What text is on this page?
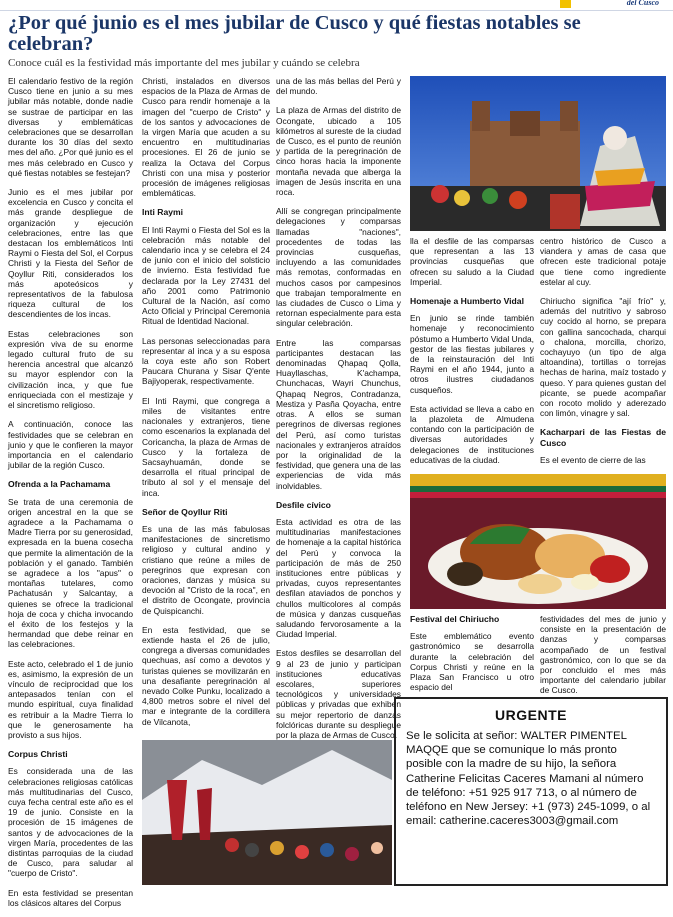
del Cusco
¿Por qué junio es el mes jubilar de Cusco y qué fiestas notables se celebran?
Conoce cuál es la festividad más importante del mes jubilar y cuándo se celebra

El calendario festivo de la región Cusco tiene en junio a su mes jubilar más notable, donde nadie se sustrae de participar en las diversas y emblemáticas celebraciones que se desarrollan durante los 30 días del sexto mes del año. ¿Por qué junio es el mes más celebrado en Cusco y qué fiestas notables se festejan?

Junio es el mes jubilar por excelencia en Cusco y concita el más grande despliegue de organización y ejecución celebraciones, entre las que destacan los emblemáticos Inti Raymi o Fiesta del Sol, el Corpus Christi y la Fiesta del Señor de Qoyllur Riti, considerados los más apoteósicos y representativos de la fabulosa riqueza cultural de los descendientes de los incas.

Estas celebraciones son expresión viva de su enorme legado cultural fruto de su herencia ancestral que alcanzó su mayor esplendor con la civilización inca, y que fue enriqueciada con el mestizaje y el sincretismo religioso.

A continuación, conoce las festividades que se celebran en junio y que le confieren la mayor importancia en el calendario jubilar de la región Cusco.

Ofrenda a la Pachamama

Se trata de una ceremonia de origen ancestral en la que se agradece a la Pachamama o Madre Tierra por su generosidad, expresada en la buena cosecha que permite la alimentación de la población y el ganado. También se agradece a los "apus" o montañas tutelares, como Pachatusán y Salcantay, a quienes se ofrece la tradicional hoja de coca y chicha invocando el éxito de los festejos y la hermandad que debe reinar en las celebraciones.

Este acto, celebrado el 1 de junio es, asimismo, la expresión de un vínculo de reciprocidad que los antepasados tenían con el mundo espiritual, cuya finalidad es retribuir a la Madre Tierra lo que le generosamente ha provisto a sus hijos.

Corpus Christi

Es considerada una de las celebraciones religiosas católicas más multitudinarias del Cusco, cuya fecha central este año es el 19 de junio. Consiste en la procesión de 15 imágenes de santos y de advocaciones de la virgen María, procedentes de las distintas parroquias de la ciudad de Cusco, para saludar al "cuerpo de Cristo".

En esta festividad se presentan los clásicos altares del Corpus

Christi, instalados en diversos espacios de la Plaza de Armas de Cusco para rendir homenaje a la imagen del "cuerpo de Cristo" y de los santos y advocaciones de la virgen María que acuden a su encuentro en multitudinarias procesiones. El 26 de junio se realiza la Octava del Corpus Christi con una misa y posterior procesión de imágenes religiosas emblemáticas.

Inti Raymi

El Inti Raymi o Fiesta del Sol es la celebración más notable del calendario inca y se celebra el 24 de junio con el inicio del solsticio de invierno. Esta festividad fue declarada por la Ley 27431 del año 2001 como Patrimonio Cultural de la Nación, así como Acto Oficial y Principal Ceremonia Ritual de Identidad Nacional.

Las personas seleccionadas para representar al inca y a su esposa la coya este año son Robert Paucara Churana y Sisar Q'ente Bajiyoperak, respectivamente.

El Inti Raymi, que congrega a miles de visitantes entre nacionales y extranjeros, tiene como escenarios la explanada del Coricancha, la plaza de Armas de Cusco y la fortaleza de Sacsayhuamán, donde se desarrolla el ritual principal de tributo al sol y el mensaje del inca.

Señor de Qoyllur Riti

Es una de las más fabulosas manifestaciones de sincretismo religioso y cultural andino y cristiano que reúne a miles de peregrinos que expresan con oraciones, danzas y música su devoción al "Cristo de la roca", en el distrito de Ocongate, provincia de Quispicanchi.

En esta festividad, que se extiende hasta el 26 de julio, congrega a diversas comunidades quechuas, así como a devotos y turistas quienes se movilizarán en una desafiante peregrinación al nevado Colke Punku, localizado a 4,800 metros sobre el nivel del mar e integrante de la cordillera de Vilcanota,

una de las más bellas del Perú y del mundo.

La plaza de Armas del distrito de Ocongate, ubicado a 105 kilómetros al sureste de la ciudad de Cusco, es el punto de reunión y partida de la peregrinación de cinco horas hacia la imponente montaña nevada que alberga la imagen de Jesús inscrita en una roca.

Allí se congregan principalmente delegaciones y comparsas llamadas "naciones", procedentes de todas las provincias cusqueñas, incluyendo a las comunidades más remotas, conformadas en muchos casos por campesinos que trabajan temporalmente en las ciudades de Cusco o Lima y retornan especialmente para esta singular celebración.

Entre las comparsas participantes destacan las denominadas Qhapaq Qolla, Huayllaschas, K'achampa, Chunchacas, Wayri Chunchus, Qhapaq Negros, Contradanza, Mestiza y Pasña Qoyacha, entre otras. A ellos se suman peregrinos de diversas regiones del Perú, así como turistas nacionales y extranjeros atraídos por la originalidad de la festividad, que genera una de las experiencias de vida más inolvidables.

Desfile cívico

Esta actividad es otra de las multitudinarias manifestaciones de homenaje a la capital histórica del Perú y convoca la participación de más de 250 instituciones entre públicas y privadas, cuyos representantes desfilan ataviados de ponchos y chullos multicolores al compás de música y danzas cusqueñas saludando fervorosamente a la Ciudad Imperial.

Estos desfiles se desarrollan del 9 al 23 de junio y participan instituciones educativas escolares, superiores tecnológicos y universidades públicas y privadas que exhiben su mejor repertorio de danzas folclóricas durante su despliegue por la plaza de Armas de Cusco.

lla el desfile de las comparsas que representan a las 13 provincias cusqueñas que ofrecen su saludo a la Ciudad Imperial.

Homenaje a Humberto Vidal

En junio se rinde también homenaje y reconocimiento póstumo a Humberto Vidal Unda, gestor de las fiestas jubilares y de la reinstauración del Inti Raymi en el año 1944, junto a otros ilustres ciudadanos cusqueños.

Esta actividad se lleva a cabo en la plazoleta de Almudena contando con la participación de diversas autoridades y delegaciones de instituciones educativas de la ciudad.

centro histórico de Cusco a viandera y amas de casa que ofrecen este tradicional potaje que tiene como ingrediente estelar al cuy.

Chiriucho significa "ají frío" y, además del nutritivo y sabroso cuy cocido al horno, se prepara con gallina sancochada, charqui o chalona, morcilla, chorizo, cochayuyo (un tipo de alga altoandina), tortillas o torrejas hechas de harina, maíz tostado y queso. Y para quienes gustan del picante, se puede acompañar con rocoto molido y aderezado con limón, vinagre y sal.

Kacharpari de las Fiestas de Cusco

Es el evento de cierre de las

Festival del Chiriucho

Este emblemático evento gastronómico se desarrolla durante la celebración del Corpus Christi y reúne en la Plaza San Francisco u otro espacio del

festividades del mes de junio y consiste en la presentación de danzas y comparsas acompañado de un festival gastronómico, con lo que se da por concluido el mes más importante del calendario jubilar de Cusco.

URGENTE
Se le solicita at señor: WALTER PIMENTEL MAQQE que se comunique lo más pronto posible con la madre de su hijo, la señora Catherine Felicitas Caceres Mamani al número de teléfono: +51 925 917 713, o al número de teléfono en New Jersey: +1 (973) 245-1099, o al email: catherine.caceres3003@gmail.com
